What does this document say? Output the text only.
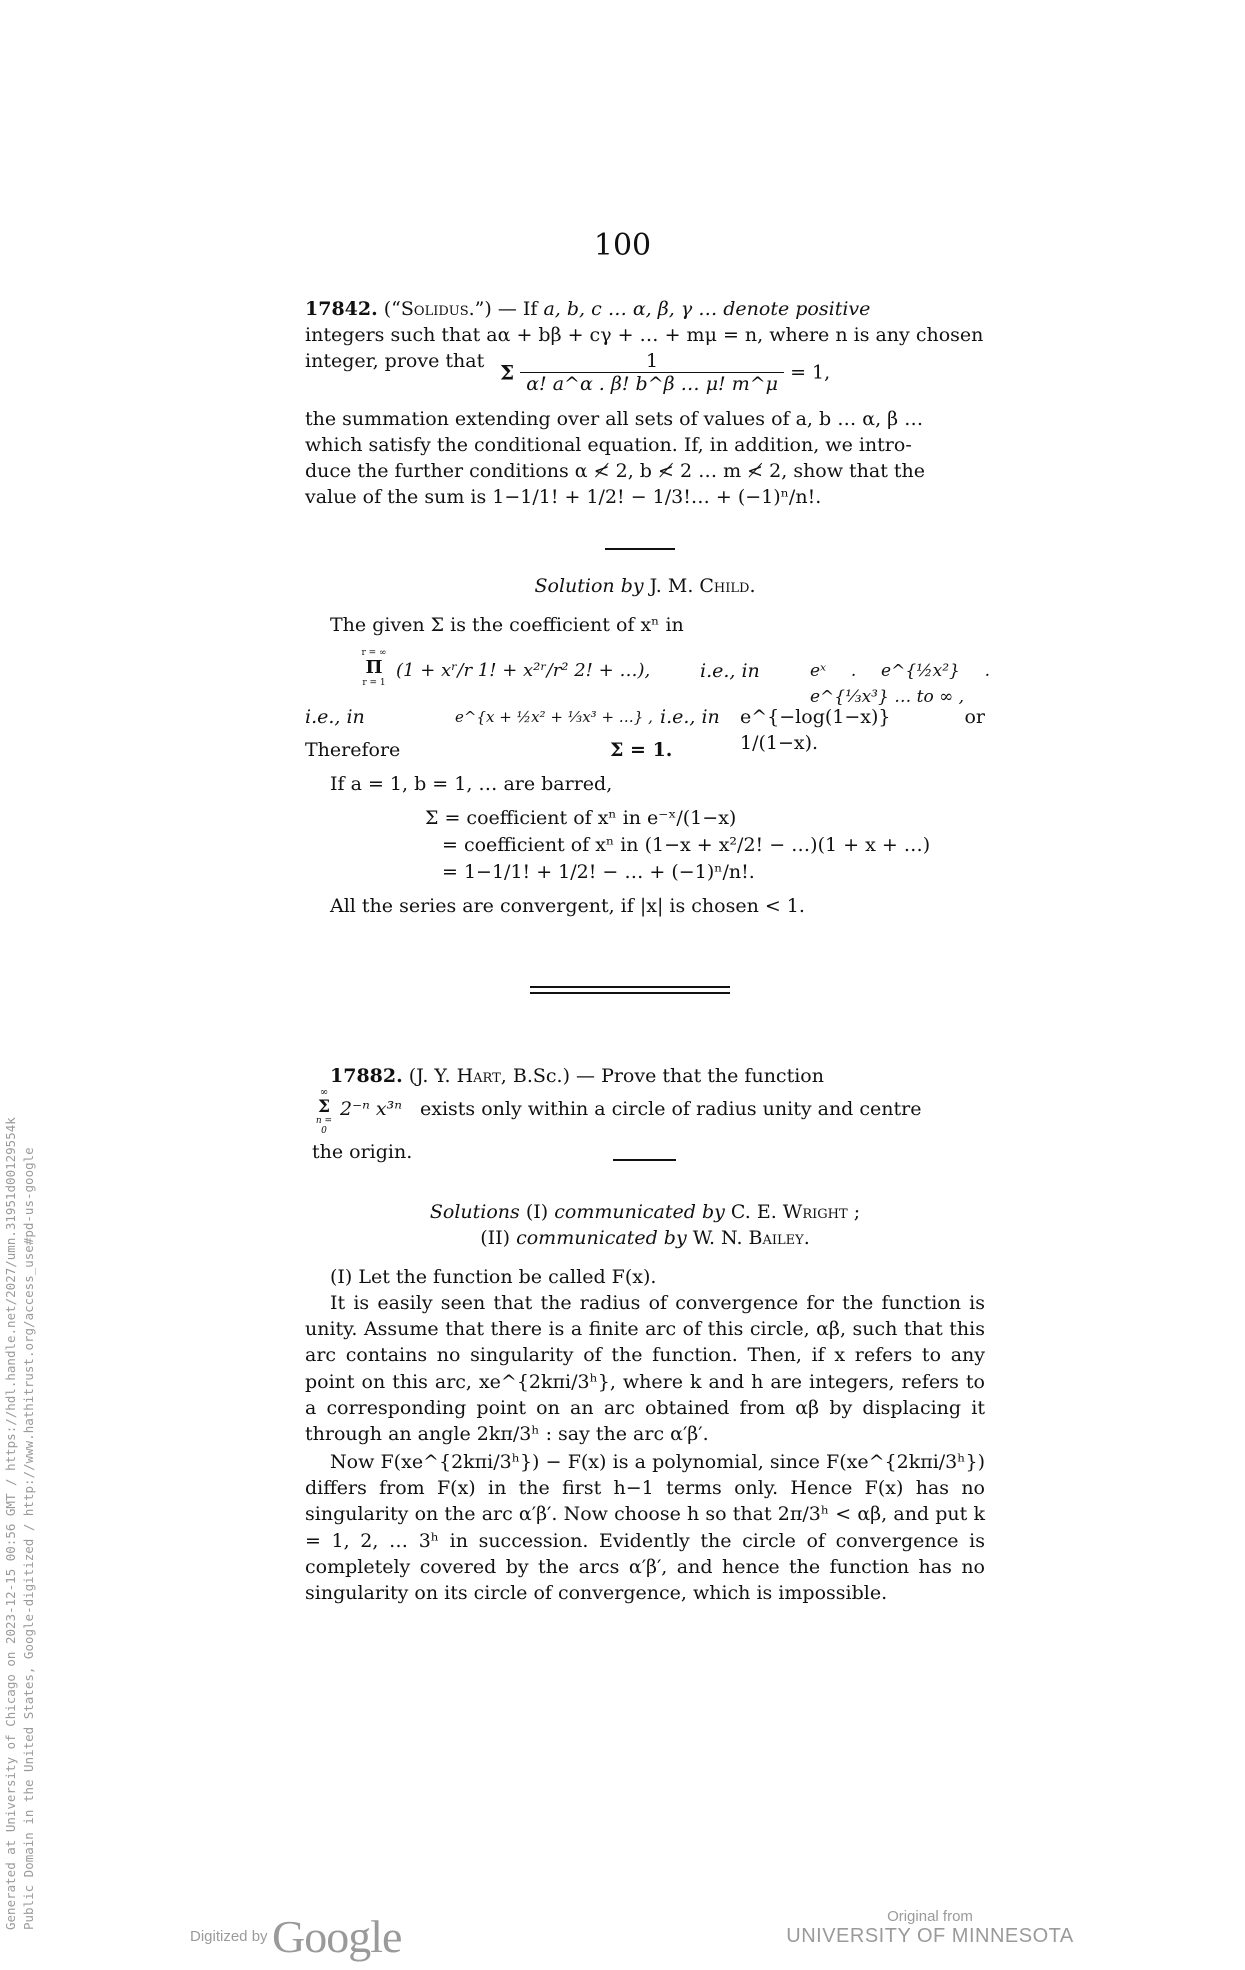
100
17842. (“Solidus.”) — If a, b, c … α, β, γ … denote positive
integers such that aα + bβ + cγ + … + mμ = n, where n is any chosen
integer, prove that Σ $\frac{1}{\alpha! a\^{}\alpha . \beta! b\^{}\beta \dots \mu! m\^{}\mu} = 1$,
the summation extending over all sets of values of a, b … α, β …
which satisfy the conditional equation. If, in addition, we intro-
duce the further conditions α ≮ 2, b ≮ 2 … m ≮ 2, show that the
value of the sum is 1−1/1! + 1/2! − 1/3!… + (−1)ⁿ/n!.
Solution by J. M. Child.
The given Σ is the coefficient of xⁿ in
r = ∞
Π
r = 1
(1 + xʳ/r 1! + x²ʳ/r² 2! + …),	i.e., in	eˣ . e^{½x²} . e^{⅓x³} … to ∞ ,
i.e., in	e^{x + ½x² + ⅓x³ + …} , i.e., in e^{−log(1−x)} or 1/(1−x).
Therefore	Σ = 1.
If a = 1, b = 1, … are barred,
Σ = coefficient of xⁿ in e⁻ˣ/(1−x)
= coefficient of xⁿ in (1−x + x²/2! − …)(1 + x + …)
= 1−1/1! + 1/2! − … + (−1)ⁿ/n!.
All the series are convergent, if |x| is chosen < 1.
17882. (J. Y. Hart, B.Sc.) — Prove that the function
∞
Σ
n = 0
2⁻ⁿ x³ⁿ exists only within a circle of radius unity and centre
the origin.
Solutions (I) communicated by C. E. Wright ;
(II) communicated by W. N. Bailey.
(I) Let the function be called F(x).
It is easily seen that the radius of convergence for the function is unity. Assume that there is a finite arc of this circle, αβ, such that this arc contains no singularity of the function. Then, if x refers to any point on this arc, xe^{2kπi/3ʰ}, where k and h are integers, refers to a corresponding point on an arc obtained from αβ by displacing it through an angle 2kπ/3ʰ : say the arc α′β′.
Now F(xe^{2kπi/3ʰ}) − F(x) is a polynomial, since F(xe^{2kπi/3ʰ}) differs from F(x) in the first h−1 terms only. Hence F(x) has no singularity on the arc α′β′. Now choose h so that 2π/3ʰ < αβ, and put k = 1, 2, … 3ʰ in succession. Evidently the circle of convergence is completely covered by the arcs α′β′, and hence the function has no singularity on its circle of convergence, which is impossible.
Generated at University of Chicago on 2023-12-15 00:56 GMT / https://hdl.handle.net/2027/umn.31951d00129554k Public Domain in the United States, Google-digitized / http://www.hathitrust.org/access_use#pd-us-google
Digitized by Google	Original from
UNIVERSITY OF MINNESOTA
